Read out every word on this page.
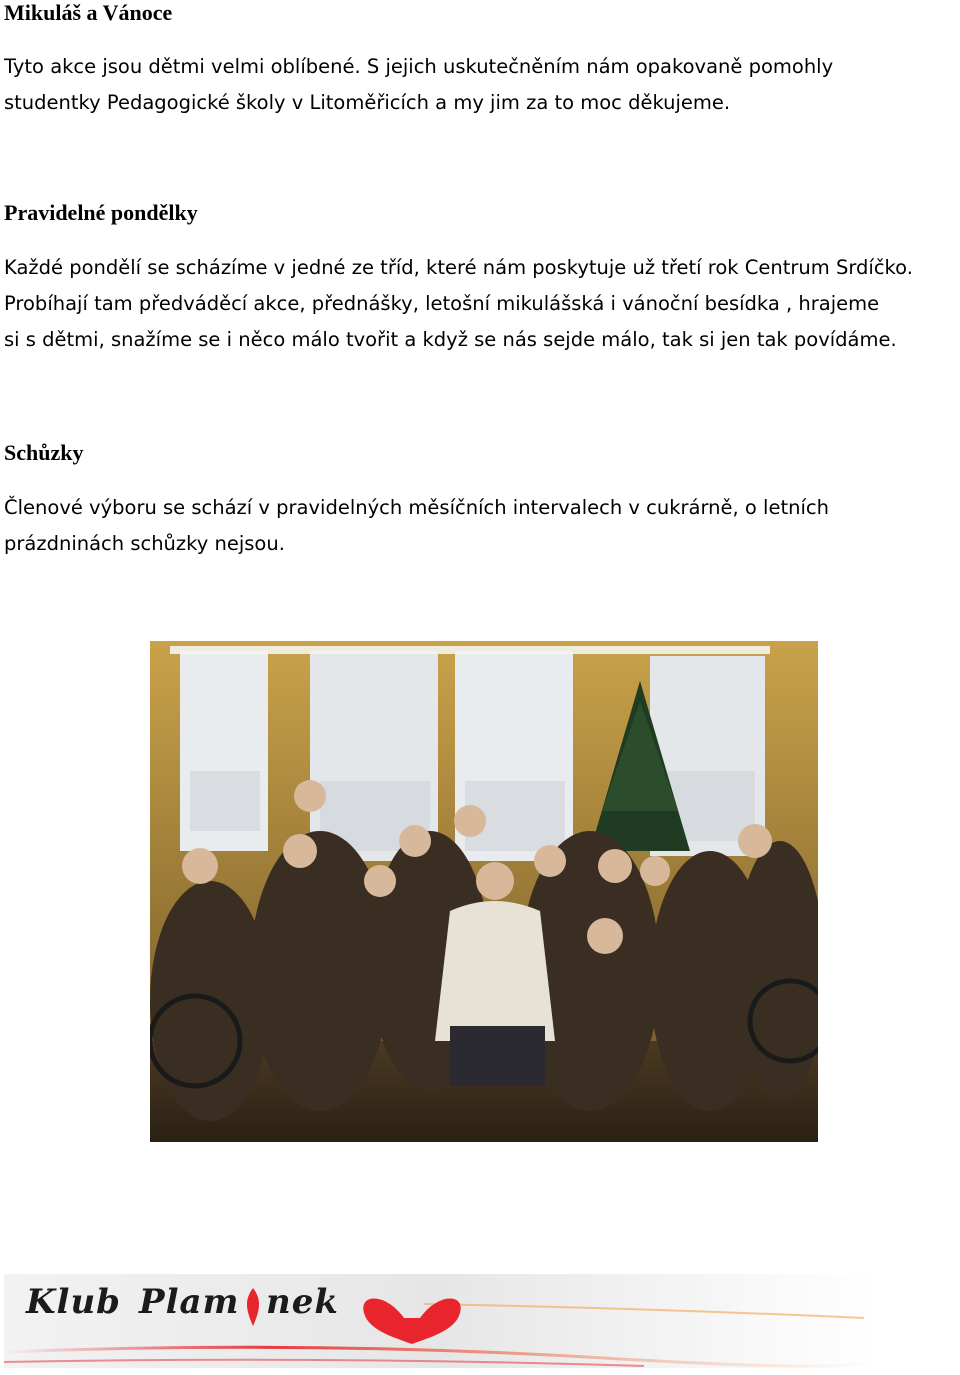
Mikuláš a Vánoce

Tyto akce jsou dětmi velmi oblíbené. S jejich uskutečněním nám opakovaně pomohly
studentky Pedagogické školy v Litoměřicích a my jim za to moc děkujeme.

Pravidelné pondělky

Každé pondělí se scházíme v jedné ze tříd, které nám poskytuje už třetí rok Centrum Srdíčko.
Probíhají tam předváděcí akce, přednášky, letošní mikulášská i vánoční besídka , hrajeme
si s dětmi, snažíme se i něco málo tvořit a když se nás sejde málo, tak si jen tak povídáme.

Schůzky

Členové výboru se schází v pravidelných měsíčních intervalech v cukrárně, o letních
prázdninách schůzky nejsou.

Klub Plam nek
